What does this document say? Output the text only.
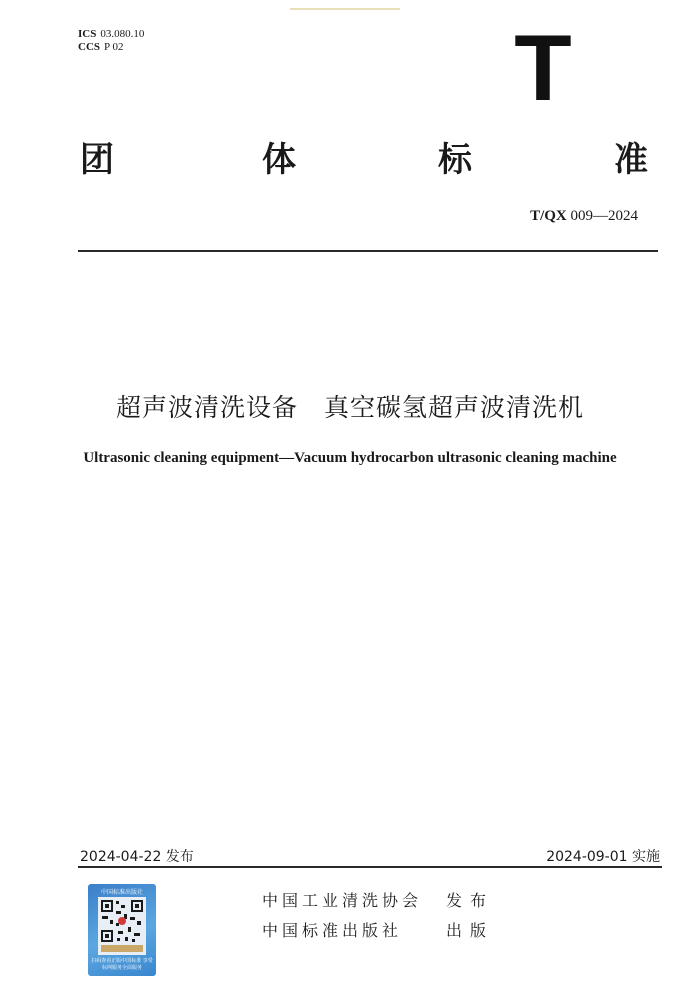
ICS 03.080.10
CCS P 02	T
团	体	标	准
T/QX 009—2024
超声波清洗设备　真空碳氢超声波清洗机
Ultrasonic cleaning equipment—Vacuum hydrocarbon ultrasonic cleaning machine
2024-04-22 发布	2024-09-01 实施
中国标准出版社
扫码查看正版中国标准 享受标网服务全面服务
中国工业清洗协会 发布
中国标准出版社	出版
